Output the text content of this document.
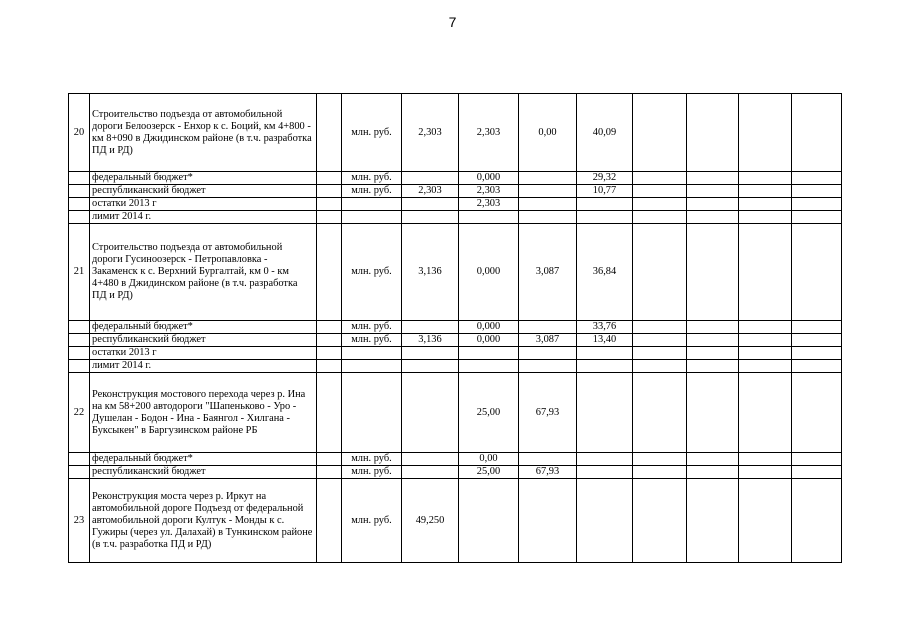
7
20	Строительство подъезда от автомобильной дороги Белоозерск - Енхор к с. Боций, км 4+800 - км 8+090 в Джидинском районе (в т.ч. разработка ПД и РД)		млн. руб.	2,303	2,303	0,00	40,09				
	федеральный бюджет*		млн. руб.		0,000		29,32				
	республиканский бюджет		млн. руб.	2,303	2,303		10,77				
	остатки 2013 г				2,303						
	лимит 2014 г.										
21	Строительство подъезда от автомобильной дороги Гусиноозерск - Петропавловка - Закаменск к с. Верхний Бургалтай, км 0 - км 4+480 в Джидинском районе (в т.ч. разработка ПД и РД)		млн. руб.	3,136	0,000	3,087	36,84				
	федеральный бюджет*		млн. руб.		0,000		33,76				
	республиканский бюджет		млн. руб.	3,136	0,000	3,087	13,40				
	остатки 2013 г										
	лимит 2014 г.										
22	Реконструкция мостового перехода через р. Ина на км 58+200 автодороги "Шапеньково - Уро - Душелан - Бодон - Ина - Баянгол - Хилгана - Буксыкен" в Баргузинском районе РБ				25,00	67,93					
	федеральный бюджет*		млн. руб.		0,00						
	республиканский бюджет		млн. руб.		25,00	67,93					
23	Реконструкция моста через р. Иркут на автомобильной дороге Подъезд от федеральной автомобильной дороги Култук - Монды к с. Гужиры (через ул. Далахай) в Тункинском районе (в т.ч. разработка ПД и РД)		млн. руб.	49,250							
